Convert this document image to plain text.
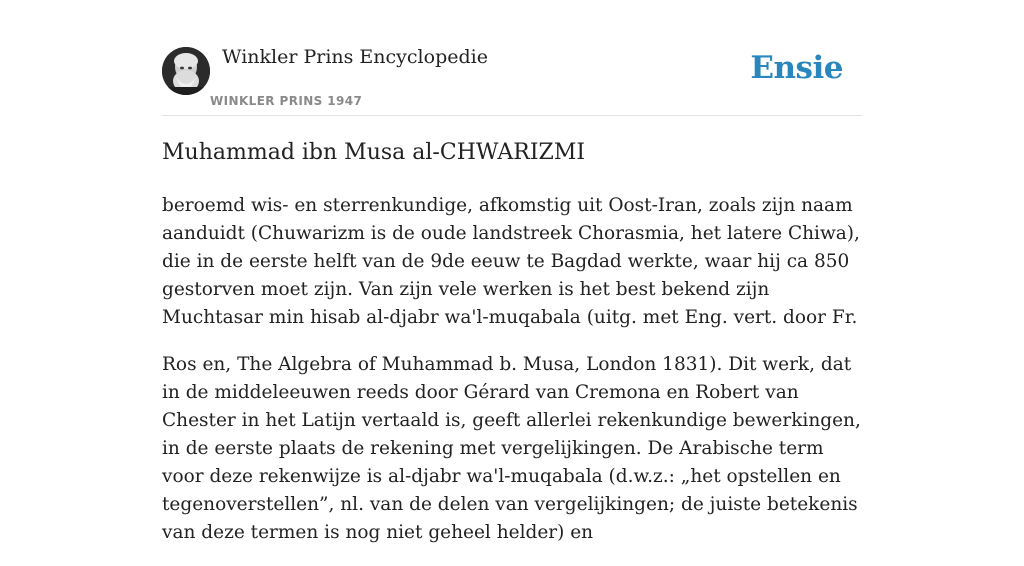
Winkler Prins Encyclopedie
WINKLER PRINS 1947
Ensie
Muhammad ibn Musa al-CHWARIZMI

beroemd wis- en sterrenkundige, afkomstig uit Oost-Iran, zoals zijn naam aanduidt (Chuwarizm is de oude landstreek Chorasmia, het latere Chiwa), die in de eerste helft van de 9de eeuw te Bagdad werkte, waar hij ca 850 gestorven moet zijn. Van zijn vele werken is het best bekend zijn Muchtasar min hisab al-djabr wa'l-muqabala (uitg. met Eng. vert. door Fr.

Ros en, The Algebra of Muhammad b. Musa, London 1831). Dit werk, dat in de middeleeuwen reeds door Gérard van Cremona en Robert van Chester in het Latijn vertaald is, geeft allerlei rekenkundige bewerkingen, in de eerste plaats de rekening met vergelijkingen. De Arabische term voor deze rekenwijze is al-djabr wa'l-muqabala (d.w.z.: „het opstellen en tegenoverstellen”, nl. van de delen van vergelijkingen; de juiste betekenis van deze termen is nog niet geheel helder) en
